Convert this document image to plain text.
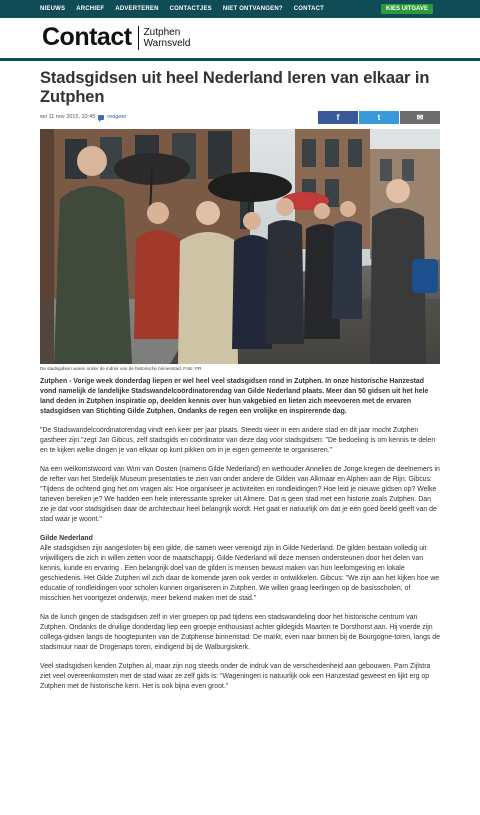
NIEUWS ARCHIEF ADVERTEREN CONTACTJES NIET ONTVANGEN? CONTACT	KIES UITGAVE
Contact Zutphen
Warnsveld
Stadsgidsen uit heel Nederland leren van elkaar in Zutphen
wo 11 nov 2015, 10:45 reageer	f	t	✉
De stadsgidsen waren onder de indruk van de historische binnenstad. Foto: PR
Zutphen - Vorige week donderdag liepen er wel heel veel stadsgidsen rond in Zutphen. In onze historische Hanzestad vond namelijk de landelijke Stadswandelcoördinatorendag van Gilde Nederland plaats. Meer dan 50 gidsen uit het hele land deden in Zutphen inspiratie op, deelden kennis over hun vakgebied en lieten zich meevoeren met de ervaren stadsgidsen van Stichting Gilde Zutphen. Ondanks de regen een vrolijke en inspirerende dag.

"De Stadswandelcoördinatorendag vindt een keer per jaar plaats. Steeds weer in een andere stad en dit jaar mocht Zutphen gastheer zijn."zegt Jan Gibcus, zelf stadsgids en coördinator van deze dag voor stadsgidsen: "De bedoeling is om kennis te delen en te kijken welke dingen je van elkaar op kunt pikken om in je eigen gemeente te organiseren."

Na een welkomstwoord van Wim van Oosten (namens Gilde Nederland) en wethouder Annelies de Jonge kregen de deelnemers in de refter van het Stedelijk Museum presentaties te zien van onder andere de Gilden van Alkmaar en Alphen aan de Rijn. Gibcus: "Tijdens de ochtend ging het om vragen als: Hoe organiseer je activiteiten en rondleidingen? Hoe leid je nieuwe gidsen op? Welke tarieven bereken je? We hadden een hele interessante spreker uit Almere. Dat is geen stad met een historie zoals Zutphen. Dan zie je dat voor stadsgidsen daar de architectuur heel belangrijk wordt. Het gaat er natuurlijk om dat je een goed beeld geeft van de stad waar je woont."

Gilde Nederland

Alle stadsgidsen zijn aangesloten bij een gilde, die samen weer verenigd zijn in Gilde Nederland. De gilden bestaan volledig uit vrijwilligers die zich in willen zetten voor de maatschappij. Gilde Nederland wil deze mensen ondersteunen door het delen van kennis, kunde en ervaring . Een belangrijk doel van de gilden is mensen bewust maken van hun leefomgeving en lokale geschiedenis. Het Gilde Zutphen wil zich daar de komende jaren ook verder in ontwikkelen. Gibcus: "We zijn aan het kijken hoe we educatie of rondleidingen voor scholen kunnen organiseren in Zutphen. We willen graag leerlingen op de basisscholen, of misschien het voortgezet onderwijs, meer bekend maken met de stad."

Na de lunch gingen de stadsgidsen zelf in vier groepen op pad tijdens een stadswandeling door het historische centrum van Zutphen. Ondanks de druilige donderdag liep een groepje enthousiast achter gildegids Maarten te Dorsthorst aan. Hij voerde zijn collega-gidsen langs de hoogtepunten van de Zutphense binnenstad: De markt, even naar binnen bij de Bourgogne-toren, langs de stadsmuur naar de Drogenaps toren, eindigend bij de Walburgiskerk.

Veel stadsgidsen kenden Zutphen al, maar zijn nog steeds onder de indruk van de verscheidenheid aan gebouwen. Pam Zijlstra ziet veel overeenkomsten met de stad waar ze zelf gids is: "Wageningen is natuurlijk ook een Hanzestad geweest en lijkt erg op Zutphen met de historische kern. Het is ook bijna even groot."
